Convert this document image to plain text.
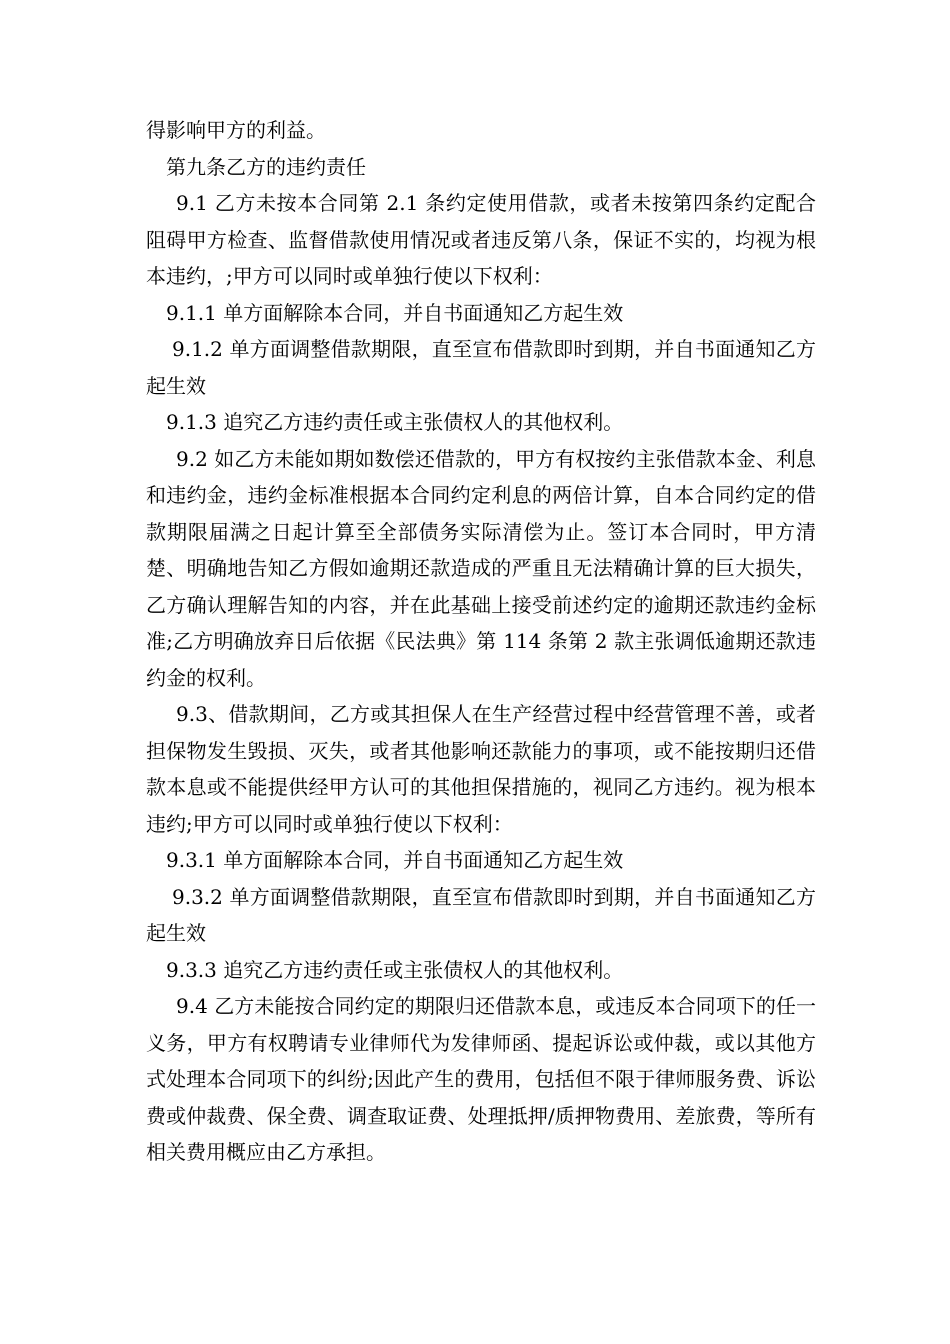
得影响甲方的利益。

第九条乙方的违约责任

9.1 乙方未按本合同第 2.1 条约定使用借款，或者未按第四条约定配合阻碍甲方检查、监督借款使用情况或者违反第八条，保证不实的，均视为根本违约，;甲方可以同时或单独行使以下权利：

9.1.1 单方面解除本合同，并自书面通知乙方起生效

9.1.2 单方面调整借款期限，直至宣布借款即时到期，并自书面通知乙方起生效

9.1.3 追究乙方违约责任或主张债权人的其他权利。

9.2 如乙方未能如期如数偿还借款的，甲方有权按约主张借款本金、利息和违约金，违约金标准根据本合同约定利息的两倍计算，自本合同约定的借款期限届满之日起计算至全部债务实际清偿为止。签订本合同时，甲方清楚、明确地告知乙方假如逾期还款造成的严重且无法精确计算的巨大损失，乙方确认理解告知的内容，并在此基础上接受前述约定的逾期还款违约金标准;乙方明确放弃日后依据《民法典》第 114 条第 2 款主张调低逾期还款违约金的权利。

9.3、借款期间，乙方或其担保人在生产经营过程中经营管理不善，或者担保物发生毁损、灭失，或者其他影响还款能力的事项，或不能按期归还借款本息或不能提供经甲方认可的其他担保措施的，视同乙方违约。视为根本违约;甲方可以同时或单独行使以下权利：

9.3.1 单方面解除本合同，并自书面通知乙方起生效

9.3.2 单方面调整借款期限，直至宣布借款即时到期，并自书面通知乙方起生效

9.3.3 追究乙方违约责任或主张债权人的其他权利。

9.4 乙方未能按合同约定的期限归还借款本息，或违反本合同项下的任一义务，甲方有权聘请专业律师代为发律师函、提起诉讼或仲裁，或以其他方式处理本合同项下的纠纷;因此产生的费用，包括但不限于律师服务费、诉讼费或仲裁费、保全费、调查取证费、处理抵押/质押物费用、差旅费，等所有相关费用概应由乙方承担。
